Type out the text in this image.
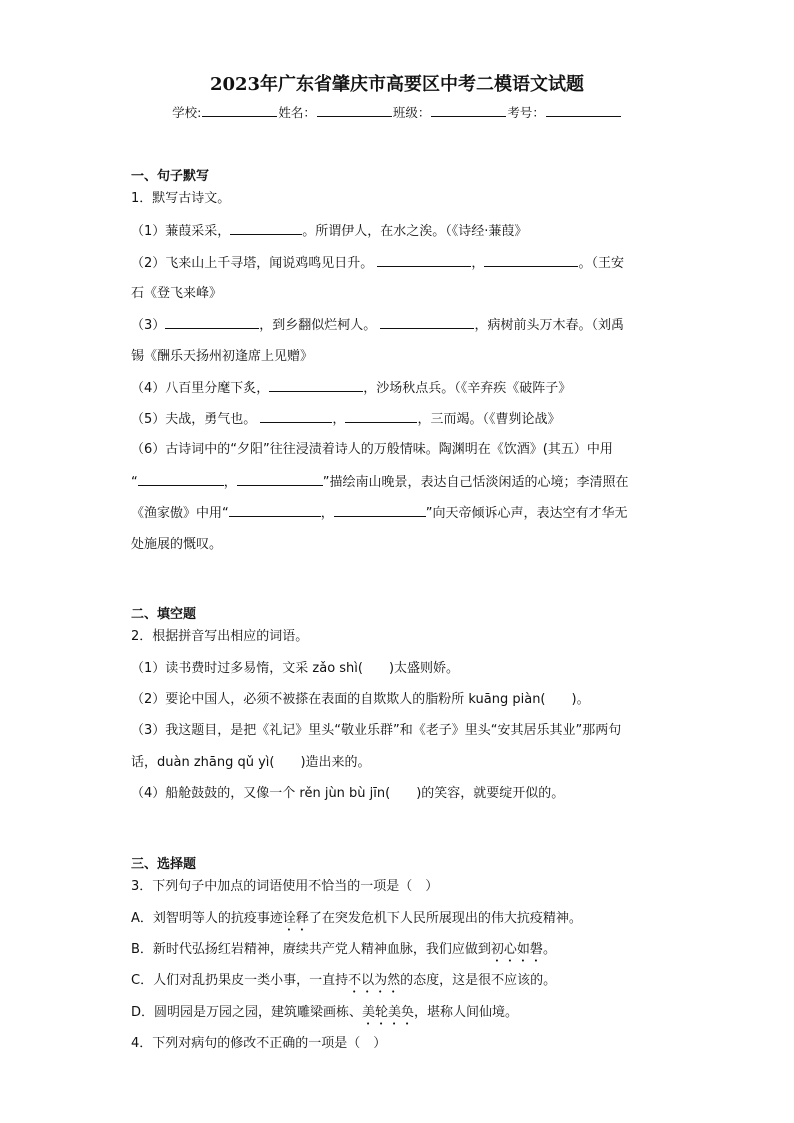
2023年广东省肇庆市高要区中考二模语文试题
学校:	姓名：	班级：	考号：
一、句子默写
1．默写古诗文。
（1）蒹葭采采，	。所谓伊人，在水之涘。（《诗经·蒹葭》
（2）飞来山上千寻塔，闻说鸡鸣见日升。	，	。（王安
石《登飞来峰》
（3）	，到乡翻似烂柯人。	，病树前头万木春。（刘禹
锡《酬乐天扬州初逢席上见赠》
（4）八百里分麾下炙，	，沙场秋点兵。（《辛弃疾《破阵子》
（5）夫战，勇气也。	，	，三而竭。（《曹刿论战》
（6）古诗词中的“夕阳”往往浸渍着诗人的万般情味。陶渊明在《饮酒》(其五）中用
“	，	”描绘南山晚景，表达自己恬淡闲适的心境；李清照在
《渔家傲》中用“	，	”向天帝倾诉心声，表达空有才华无
处施展的慨叹。
二、填空题
2．根据拼音写出相应的词语。
（1）读书费时过多易惰，文采 zǎo shì(　　)太盛则娇。
（2）要论中国人，必须不被搽在表面的自欺欺人的脂粉所 kuāng piàn(　　)。
（3）我这题目，是把《礼记》里头“敬业乐群”和《老子》里头“安其居乐其业”那两句
话，duàn zhāng qǔ yì(　　)造出来的。
（4）船舱鼓鼓的，又像一个 rěn jùn bù jīn(　　)的笑容，就要绽开似的。
三、选择题
3．下列句子中加点的词语使用不恰当的一项是（　）
A．刘智明等人的抗疫事迹诠释了在突发危机下人民所展现出的伟大抗疫精神。
B．新时代弘扬红岩精神，赓续共产党人精神血脉，我们应做到初心如磐。
C．人们对乱扔果皮一类小事，一直持不以为然的态度，这是很不应该的。
D．圆明园是万园之园，建筑雕梁画栋、美轮美奂，堪称人间仙境。
4．下列对病句的修改不正确的一项是（　）
